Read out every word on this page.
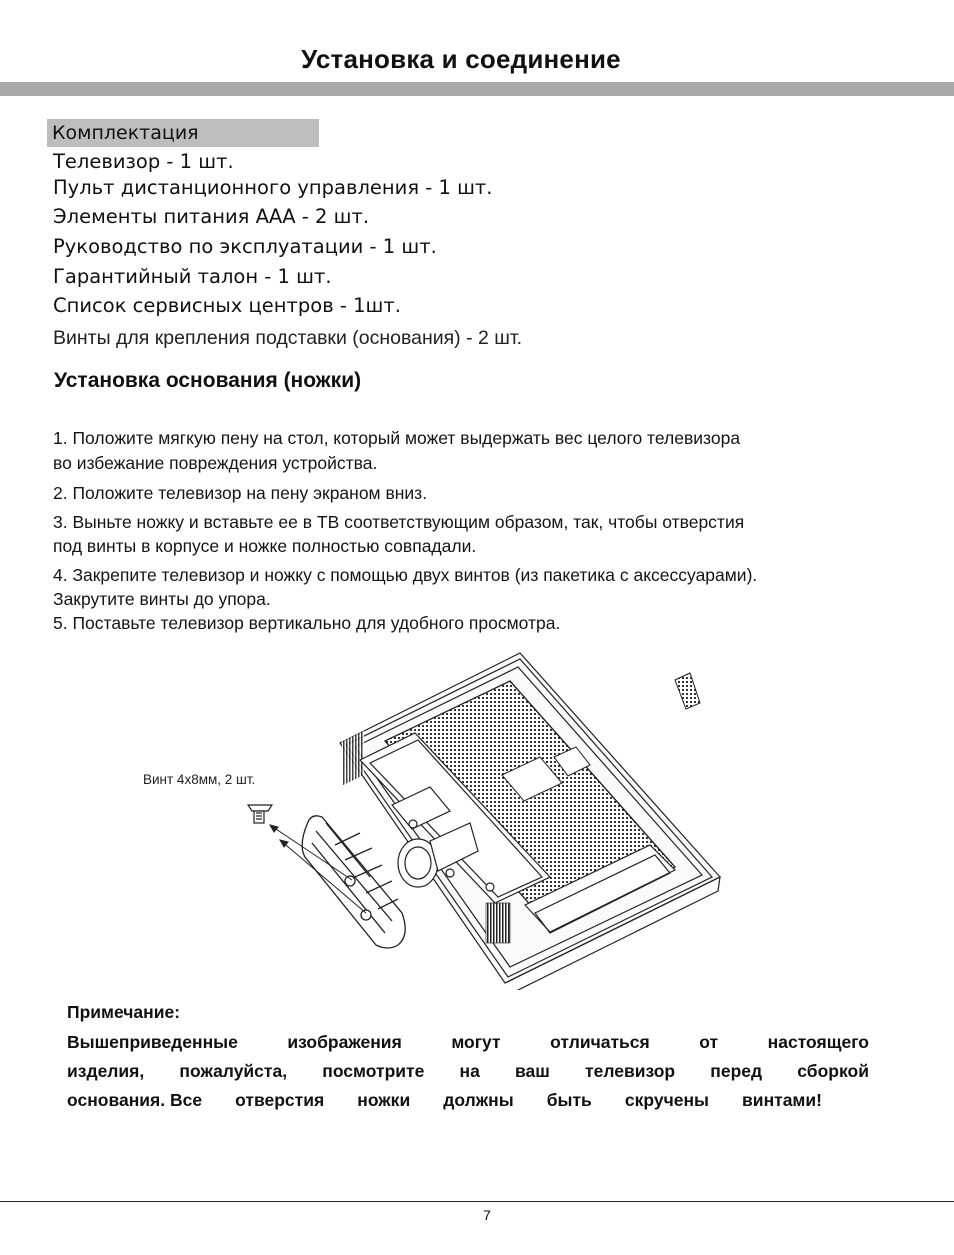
Установка и соединение
Комплектация
Телевизор - 1 шт.
Пульт дистанционного управления - 1 шт.
Элементы питания ААА - 2 шт.
Руководство по эксплуатации - 1 шт.
Гарантийный талон - 1 шт.
Список сервисных центров - 1шт.
Винты для крепления подставки (основания) - 2 шт.
Установка основания (ножки)
1. Положите мягкую пену на стол, который может выдержать вес целого телевизора
во избежание повреждения устройства.
2. Положите телевизор на пену экраном вниз.
3. Выньте ножку и вставьте ее в ТВ соответствующим образом, так, чтобы отверстия
под винты в корпусе и ножке полностью совпадали.
4. Закрепите телевизор и ножку с помощью двух винтов (из пакетика с аксессуарами).
Закрутите винты до упора.
5. Поставьте телевизор вертикально для удобного просмотра.
Винт 4x8мм, 2 шт.
Примечание:
Вышеприведенные	изображения	могут	отличаться	от	настоящего
изделия, пожалуйста, посмотрите на ваш телевизор перед сборкой
основания. Все отверстия ножки должны быть скручены винтами!
7
